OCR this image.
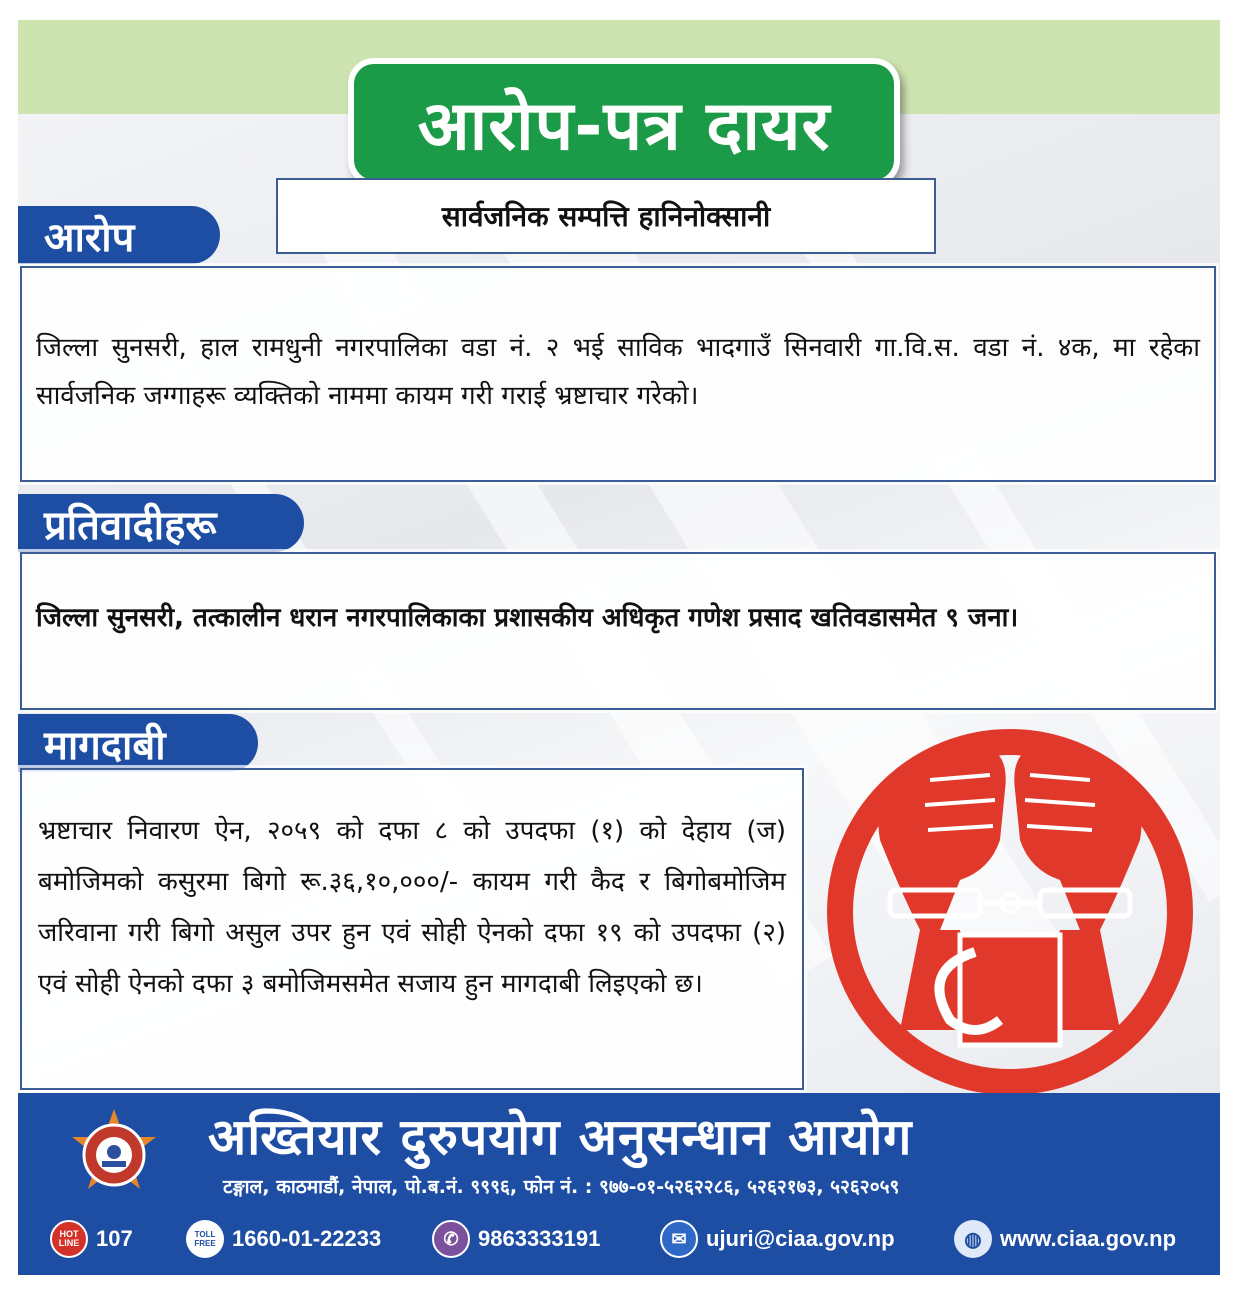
आरोप-पत्र दायर
सार्वजनिक सम्पत्ति हानिनोक्सानी
आरोप

जिल्ला सुनसरी, हाल रामधुनी नगरपालिका वडा नं. २ भई साविक भादगाउँ सिनवारी गा.वि.स. वडा नं. ४क, मा रहेका सार्वजनिक जग्गाहरू व्यक्तिको नाममा कायम गरी गराई भ्रष्टाचार गरेको।

प्रतिवादीहरू

जिल्ला सुनसरी, तत्कालीन धरान नगरपालिकाका प्रशासकीय अधिकृत गणेश प्रसाद खतिवडासमेत ९ जना।

मागदाबी

भ्रष्टाचार निवारण ऐन, २०५९ को दफा ८ को उपदफा (१) को देहाय (ज) बमोजिमको कसुरमा बिगो रू.३६,१०,०००/- कायम गरी कैद र बिगोबमोजिम जरिवाना गरी बिगो असुल उपर हुन एवं सोही ऐनको दफा १९ को उपदफा (२) एवं सोही ऐनको दफा ३ बमोजिमसमेत सजाय हुन मागदाबी लिइएको छ।

अख्तियार दुरुपयोग अनुसन्धान आयोग
टङ्गाल, काठमाडौं, नेपाल, पो.ब.नं. ९९९६, फोन नं. : ९७७-०१-५२६२२८६, ५२६२१७३, ५२६२०५९
HOT LINE 107	TOLL FREE 1660-01-22233	✆ 9863333191	✉ ujuri@ciaa.gov.np	◍ www.ciaa.gov.np
